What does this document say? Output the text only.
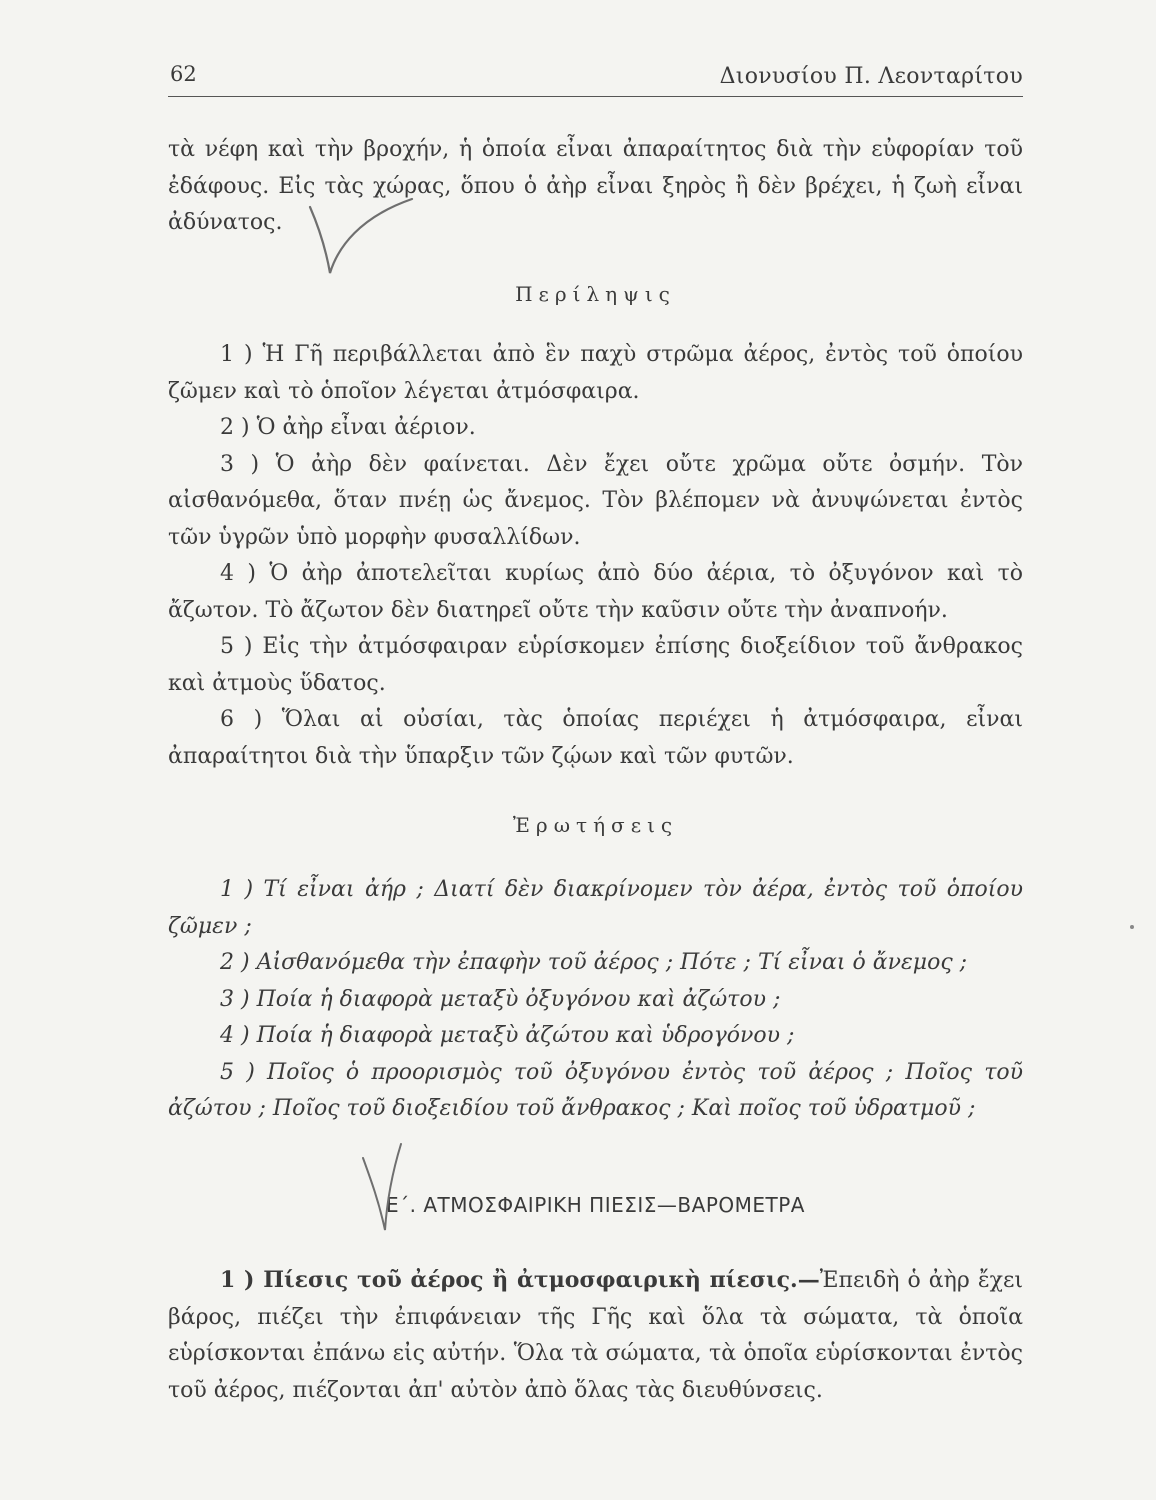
62	Διονυσίου Π. Λεονταρίτου

τὰ νέφη καὶ τὴν βροχήν, ἡ ὁποία εἶναι ἀπαραίτητος διὰ τὴν εὐφορίαν τοῦ ἐδάφους. Εἰς τὰς χώρας, ὅπου ὁ ἀὴρ εἶναι ξηρὸς ἢ δὲν βρέχει, ἡ ζωὴ εἶναι ἀδύνατος.

Περίληψις

1 ) Ἡ Γῆ περιβάλλεται ἀπὸ ἓν παχὺ στρῶμα ἀέρος, ἐντὸς τοῦ ὁποίου ζῶμεν καὶ τὸ ὁποῖον λέγεται ἀτμόσφαιρα.

2 ) Ὁ ἀὴρ εἶναι ἀέριον.

3 ) Ὁ ἀὴρ δὲν φαίνεται. Δὲν ἔχει οὔτε χρῶμα οὔτε ὀσμήν. Τὸν αἰσθανόμεθα, ὅταν πνέῃ ὡς ἄνεμος. Τὸν βλέπομεν νὰ ἀνυψώνεται ἐντὸς τῶν ὑγρῶν ὑπὸ μορφὴν φυσαλλίδων.

4 ) Ὁ ἀὴρ ἀποτελεῖται κυρίως ἀπὸ δύο ἀέρια, τὸ ὀξυγόνον καὶ τὸ ἄζωτον. Τὸ ἄζωτον δὲν διατηρεῖ οὔτε τὴν καῦσιν οὔτε τὴν ἀναπνοήν.

5 ) Εἰς τὴν ἀτμόσφαιραν εὑρίσκομεν ἐπίσης διοξείδιον τοῦ ἄνθρακος καὶ ἀτμοὺς ὕδατος.

6 ) Ὅλαι αἱ οὐσίαι, τὰς ὁποίας περιέχει ἡ ἀτμόσφαιρα, εἶναι ἀπαραίτητοι διὰ τὴν ὕπαρξιν τῶν ζῴων καὶ τῶν φυτῶν.

Ἐρωτήσεις

1 ) Τί εἶναι ἀήρ ; Διατί δὲν διακρίνομεν τὸν ἀέρα, ἐντὸς τοῦ ὁποίου ζῶμεν ;

2 ) Αἰσθανόμεθα τὴν ἐπαφὴν τοῦ ἀέρος ; Πότε ; Τί εἶναι ὁ ἄνεμος ;

3 ) Ποία ἡ διαφορὰ μεταξὺ ὀξυγόνου καὶ ἀζώτου ;

4 ) Ποία ἡ διαφορὰ μεταξὺ ἀζώτου καὶ ὑδρογόνου ;

5 ) Ποῖος ὁ προορισμὸς τοῦ ὀξυγόνου ἐντὸς τοῦ ἀέρος ; Ποῖος τοῦ ἀζώτου ; Ποῖος τοῦ διοξειδίου τοῦ ἄνθρακος ; Καὶ ποῖος τοῦ ὑδρατμοῦ ;

Ε΄. ΑΤΜΟΣΦΑΙΡΙΚΗ ΠΙΕΣΙΣ—ΒΑΡΟΜΕΤΡΑ

1 ) Πίεσις τοῦ ἀέρος ἢ ἀτμοσφαιρικὴ πίεσις.—Ἐπειδὴ ὁ ἀὴρ ἔχει βάρος, πιέζει τὴν ἐπιφάνειαν τῆς Γῆς καὶ ὅλα τὰ σώματα, τὰ ὁποῖα εὑρίσκονται ἐπάνω εἰς αὐτήν. Ὅλα τὰ σώματα, τὰ ὁποῖα εὑρίσκονται ἐντὸς τοῦ ἀέρος, πιέζονται ἀπ' αὐτὸν ἀπὸ ὅλας τὰς διευθύνσεις.
